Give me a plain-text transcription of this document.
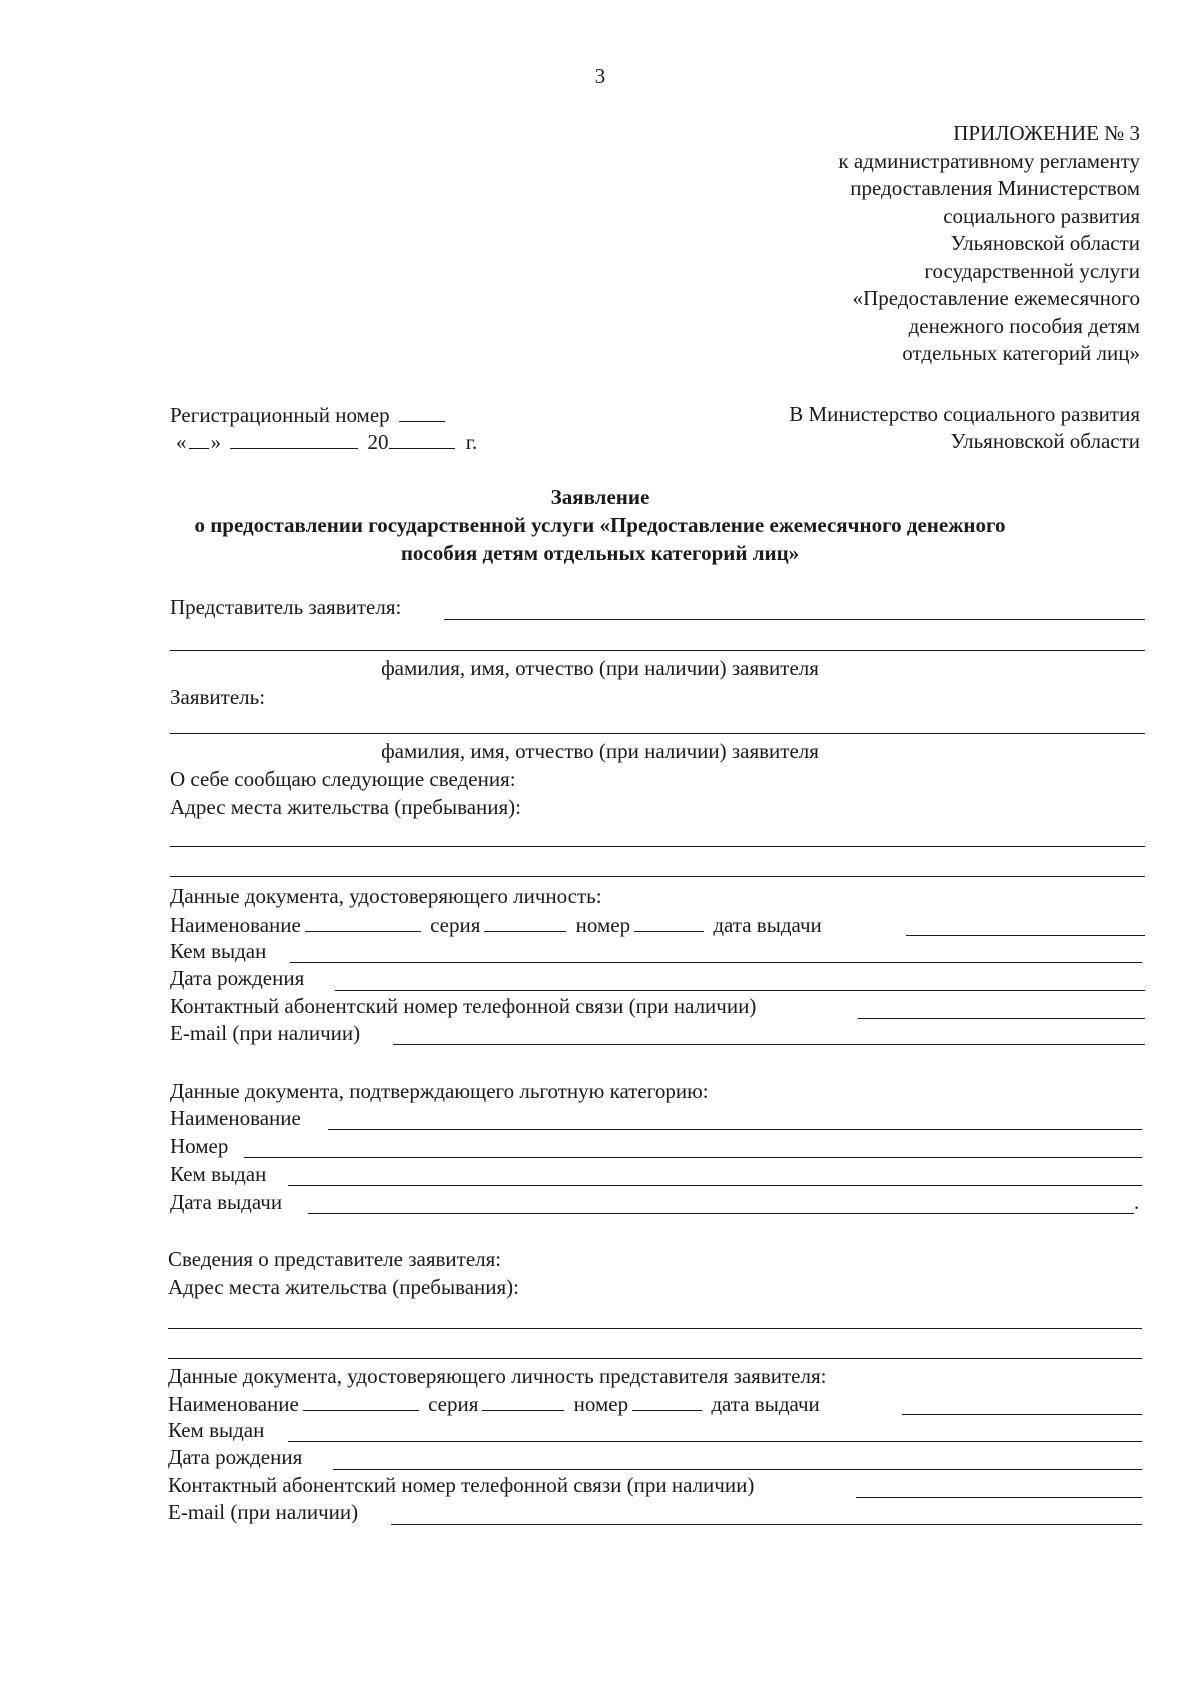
3
ПРИЛОЖЕНИЕ № 3
к административному регламенту
предоставления Министерством
социального развития
Ульяновской области
государственной услуги
«Предоставление ежемесячного
денежного пособия детям
отдельных категорий лиц»
Регистрационный номер
« »	20	г.
В Министерство социального развития
Ульяновской области
Заявление
о предоставлении государственной услуги «Предоставление ежемесячного денежного
пособия детям отдельных категорий лиц»
Представитель заявителя:
фамилия, имя, отчество (при наличии) заявителя
Заявитель:
фамилия, имя, отчество (при наличии) заявителя
О себе сообщаю следующие сведения:
Адрес места жительства (пребывания):
Данные документа, удостоверяющего личность:
Наименование	серия	номер	дата выдачи
Кем выдан
Дата рождения
Контактный абонентский номер телефонной связи (при наличии)
E-mail (при наличии)
Данные документа, подтверждающего льготную категорию:
Наименование
Номер
Кем выдан
Дата выдачи	.
Сведения о представителе заявителя:
Адрес места жительства (пребывания):
Данные документа, удостоверяющего личность представителя заявителя:
Наименование	серия	номер	дата выдачи
Кем выдан
Дата рождения
Контактный абонентский номер телефонной связи (при наличии)
E-mail (при наличии)
